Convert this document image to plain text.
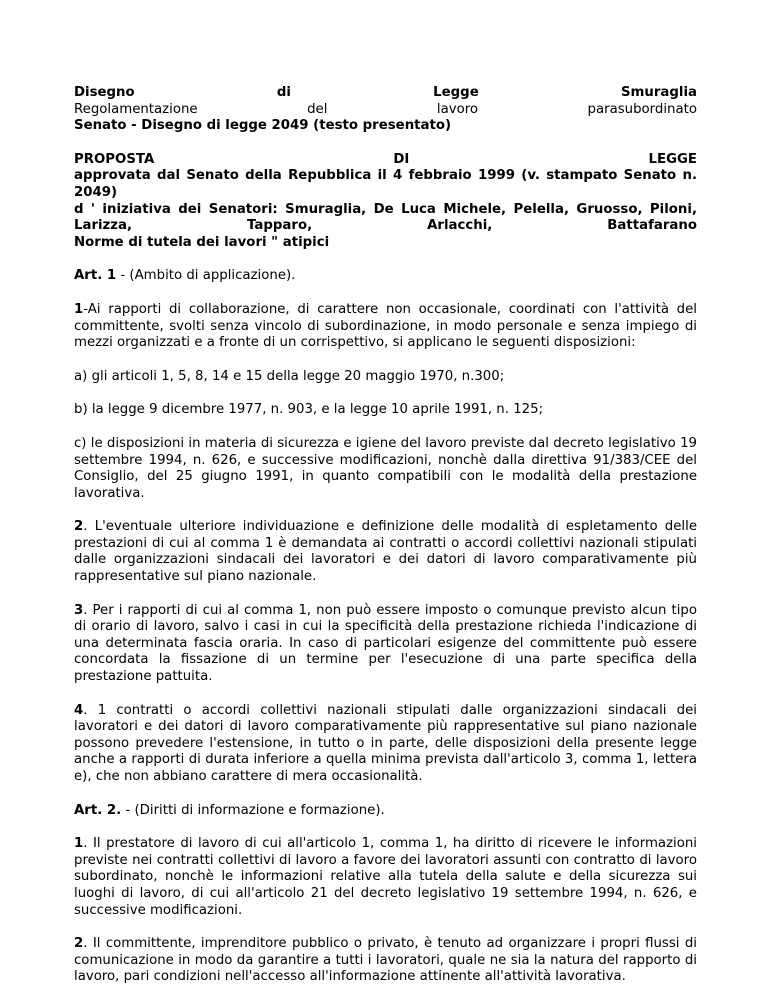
Disegno	di	Legge	Smuraglia
Regolamentazione	del	lavoro	parasubordinato

Senato - Disegno di legge 2049 (testo presentato)

PROPOSTA	DI	LEGGE

approvata dal Senato della Repubblica il 4 febbraio 1999 (v. stampato Senato n. 2049)

d ' iniziativa dei Senatori: Smuraglia, De Luca Michele, Pelella, Gruosso, Piloni,

Larizza,	Tapparo,	Arlacchi,	Battafarano

Norme di tutela dei lavori " atipici

Art. 1 - (Ambito di applicazione).

1-Ai rapporti di collaborazione, di carattere non occasionale, coordinati con l'attività del committente, svolti senza vincolo di subordinazione, in modo personale e senza impiego di mezzi organizzati e a fronte di un corrispettivo, si applicano le seguenti disposizioni:

a) gli articoli 1, 5, 8, 14 e 15 della legge 20 maggio 1970, n.300;

b) la legge 9 dicembre 1977, n. 903, e la legge 10 aprile 1991, n. 125;

c) le disposizioni in materia di sicurezza e igiene del lavoro previste dal decreto legislativo 19 settembre 1994, n. 626, e successive modificazioni, nonchè dalla direttiva 91/383/CEE del Consiglio, del 25 giugno 1991, in quanto compatibili con le modalità della prestazione lavorativa.

2. L'eventuale ulteriore individuazione e definizione delle modalità di espletamento delle prestazioni di cui al comma 1 è demandata ai contratti o accordi collettivi nazionali stipulati dalle organizzazioni sindacali dei lavoratori e dei datori di lavoro comparativamente più rappresentative sul piano nazionale.

3. Per i rapporti di cui al comma 1, non può essere imposto o comunque previsto alcun tipo di orario di lavoro, salvo i casi in cui la specificità della prestazione richieda l'indicazione di una determinata fascia oraria. In caso di particolari esigenze del committente può essere concordata la fissazione di un termine per l'esecuzione di una parte specifica della prestazione pattuita.

4. 1 contratti o accordi collettivi nazionali stipulati dalle organizzazioni sindacali dei lavoratori e dei datori di lavoro comparativamente più rappresentative sul piano nazionale possono prevedere l'estensione, in tutto o in parte, delle disposizioni della presente legge anche a rapporti di durata inferiore a quella minima prevista dall'articolo 3, comma 1, lettera e), che non abbiano carattere di mera occasionalità.

Art. 2. - (Diritti di informazione e formazione).

1. Il prestatore di lavoro di cui all'articolo 1, comma 1, ha diritto di ricevere le informazioni previste nei contratti collettivi di lavoro a favore dei lavoratori assunti con contratto di lavoro subordinato, nonchè le informazioni relative alla tutela della salute e della sicurezza sui luoghi di lavoro, di cui all'articolo 21 del decreto legislativo 19 settembre 1994, n. 626, e successive modificazioni.

2. Il committente, imprenditore pubblico o privato, è tenuto ad organizzare i propri flussi di comunicazione in modo da garantire a tutti i lavoratori, quale ne sia la natura del rapporto di lavoro, pari condizioni nell'accesso all'informazione attinente all'attività lavorativa.
